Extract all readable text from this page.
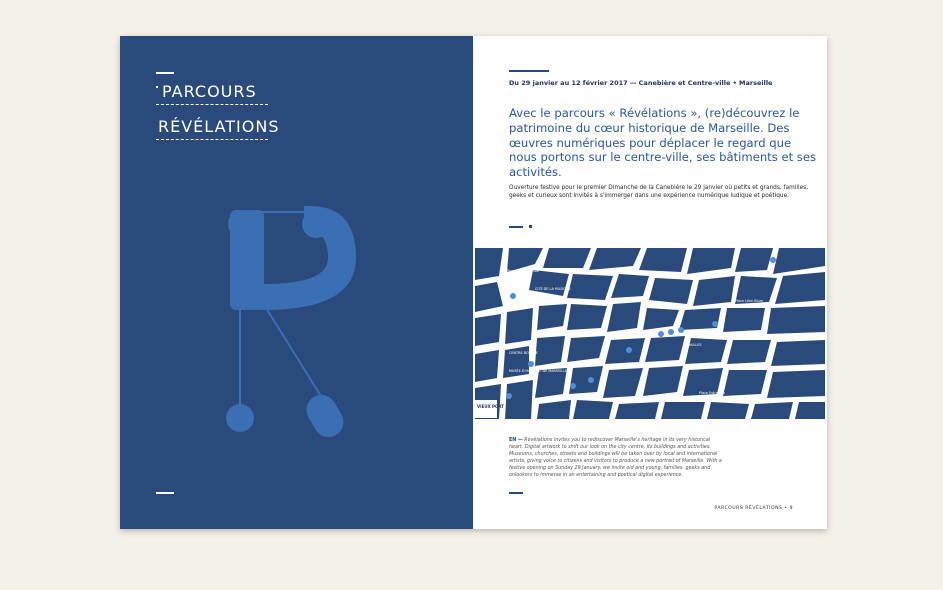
PARCOURS
RÉVÉLATIONS
Du 29 janvier au 12 février 2017 — Canebière et Centre-ville • Marseille
Avec le parcours « Révélations », (re)découvrez le patrimoine du cœur historique de Marseille. Des œuvres numériques pour déplacer le regard que nous portons sur le centre-ville, ses bâtiments et ses activités.
Ouverture festive pour le premier Dimanche de la Canebière le 29 janvier où petits et grands, familles, geeks et curieux sont invités à s'immerger dans une expérience numérique ludique et poétique.
Place Jules Guesde
CITÉ DE LA MUSIQUE
CENTRE BOURSE
MUSÉE D'HISTOIRE DE MARSEILLE
NOAILLES
Place Estrangin
Place Léon Blum
VIEUX PORT
EN — Révélations invites you to rediscover Marseille's heritage in its very historical heart. Digital artwork to shift our look on the city centre, its buildings and activities. Museums, churches, streets and buildings will be taken over by local and international artists, giving voice to citizens and visitors to produce a new portrait of Marseille. With a festive opening on Sunday 29 January, we invite old and young, families, geeks and onlookers to immerse in an entertaining and poetical digital experience.
PARCOURS RÉVÉLATIONS • 9
